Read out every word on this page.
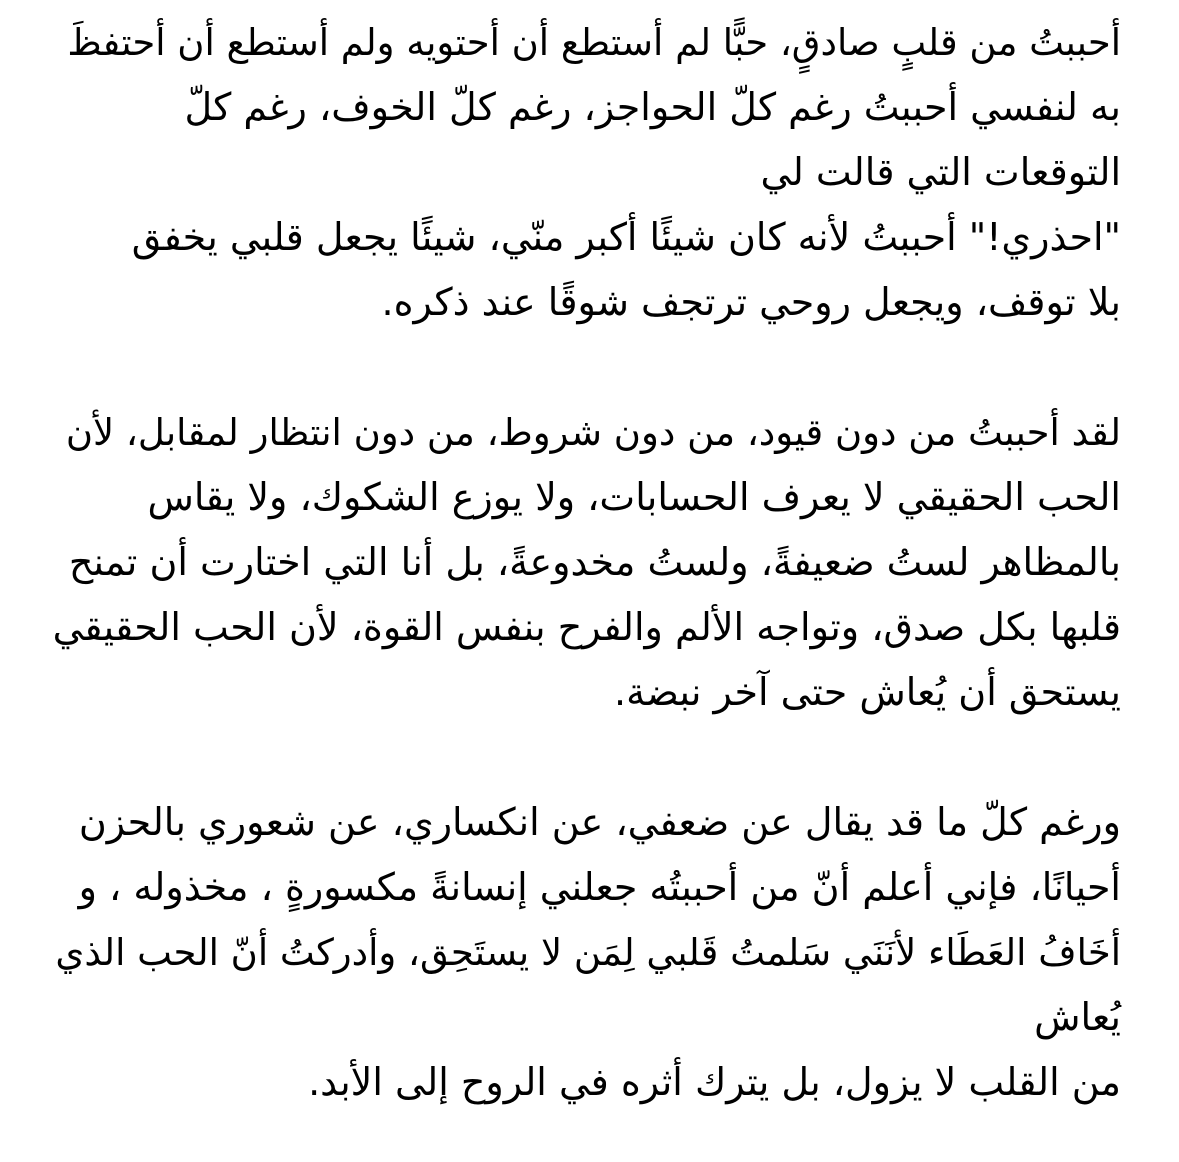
أحببتُ من قلبٍ صادقٍ، حبًّا لم أستطع أن أحتويه ولم أستطع أن أحتفظَ
به لنفسي أحببتُ رغم كلّ الحواجز، رغم كلّ الخوف، رغم كلّ
التوقعات التي قالت لي
"احذري!" أحببتُ لأنه كان شيئًا أكبر منّي، شيئًا يجعل قلبي يخفق
بلا توقف، ويجعل روحي ترتجف شوقًا عند ذكره.
لقد أحببتُ من دون قيود، من دون شروط، من دون انتظار لمقابل، لأن
الحب الحقيقي لا يعرف الحسابات، ولا يوزع الشكوك، ولا يقاس
بالمظاهر لستُ ضعيفةً، ولستُ مخدوعةً، بل أنا التي اختارت أن تمنح
قلبها بكل صدق، وتواجه الألم والفرح بنفس القوة، لأن الحب الحقيقي
يستحق أن يُعاش حتى آخر نبضة.
ورغم كلّ ما قد يقال عن ضعفي، عن انكساري، عن شعوري بالحزن
أحيانًا، فإني أعلم أنّ من أحببتُه جعلني إنسانةً مكسورةٍ ، مخذوله ، و
أخَافُ العَطَاء لأنَنَي سَلمتُ قَلبي لِمَن لا يستَحِق، وأدركتُ أنّ الحب الذي
يُعاش
من القلب لا يزول، بل يترك أثره في الروح إلى الأبد.
